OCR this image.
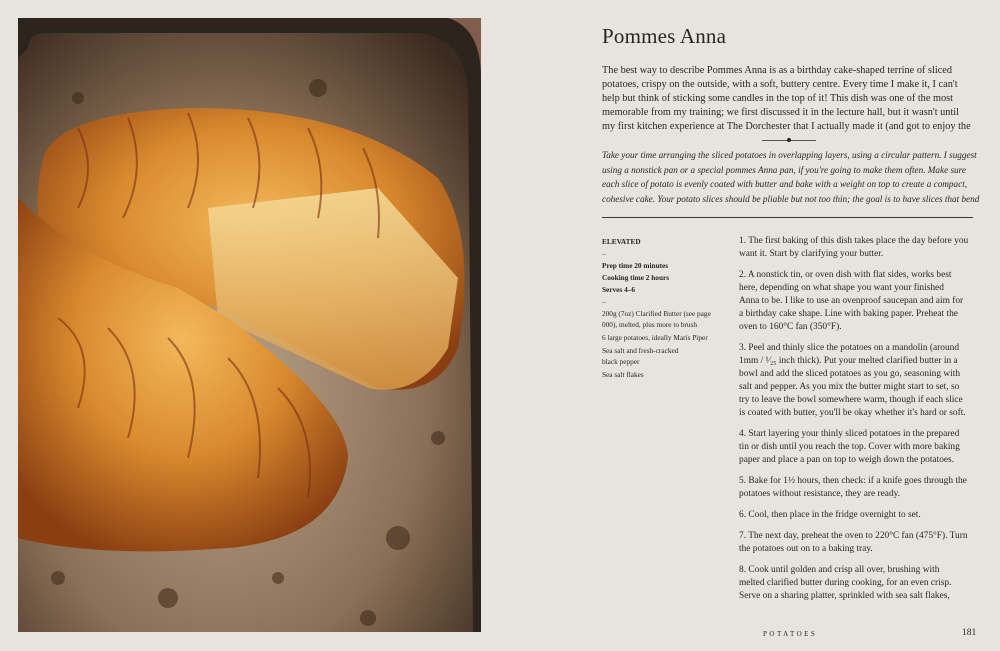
Pommes Anna
The best way to describe Pommes Anna is as a birthday cake-shaped terrine of sliced
potatoes, crispy on the outside, with a soft, buttery centre. Every time I make it, I can't
help but think of sticking some candles in the top of it! This dish was one of the most
memorable from my training; we first discussed it in the lecture hall, but it wasn't until
my first kitchen experience at The Dorchester that I actually made it (and got to enjoy the
Take your time arranging the sliced potatoes in overlapping layers, using a circular pattern. I suggest
using a nonstick pan or a special pommes Anna pan, if you're going to make them often. Make sure
each slice of potato is evenly coated with butter and bake with a weight on top to create a compact,
cohesive cake. Your potato slices should be pliable but not too thin; the goal is to have slices that bend
ELEVATED
–
Prep time 20 minutes
Cooking time 2 hours
Serves 4–6
–
200g (7oz) Clarified Butter (see page
000), melted, plus more to brush
6 large potatoes, ideally Maris Piper
Sea salt and fresh-cracked
black pepper
Sea salt flakes
1. The first baking of this dish takes place the day before you
want it. Start by clarifying your butter.
2. A nonstick tin, or oven dish with flat sides, works best
here, depending on what shape you want your finished
Anna to be. I like to use an ovenproof saucepan and aim for
a birthday cake shape. Line with baking paper. Preheat the
oven to 160°C fan (350°F).
3. Peel and thinly slice the potatoes on a mandolin (around
1mm / ¹⁄₂₅ inch thick). Put your melted clarified butter in a
bowl and add the sliced potatoes as you go, seasoning with
salt and pepper. As you mix the butter might start to set, so
try to leave the bowl somewhere warm, though if each slice
is coated with butter, you'll be okay whether it's hard or soft.
4. Start layering your thinly sliced potatoes in the prepared
tin or dish until you reach the top. Cover with more baking
paper and place a pan on top to weigh down the potatoes.
5. Bake for 1½ hours, then check: if a knife goes through the
potatoes without resistance, they are ready.
6. Cool, then place in the fridge overnight to set.
7. The next day, preheat the oven to 220°C fan (475°F). Turn
the potatoes out on to a baking tray.
8. Cook until golden and crisp all over, brushing with
melted clarified butter during cooking, for an even crisp.
Serve on a sharing platter, sprinkled with sea salt flakes,
POTATOES	181
